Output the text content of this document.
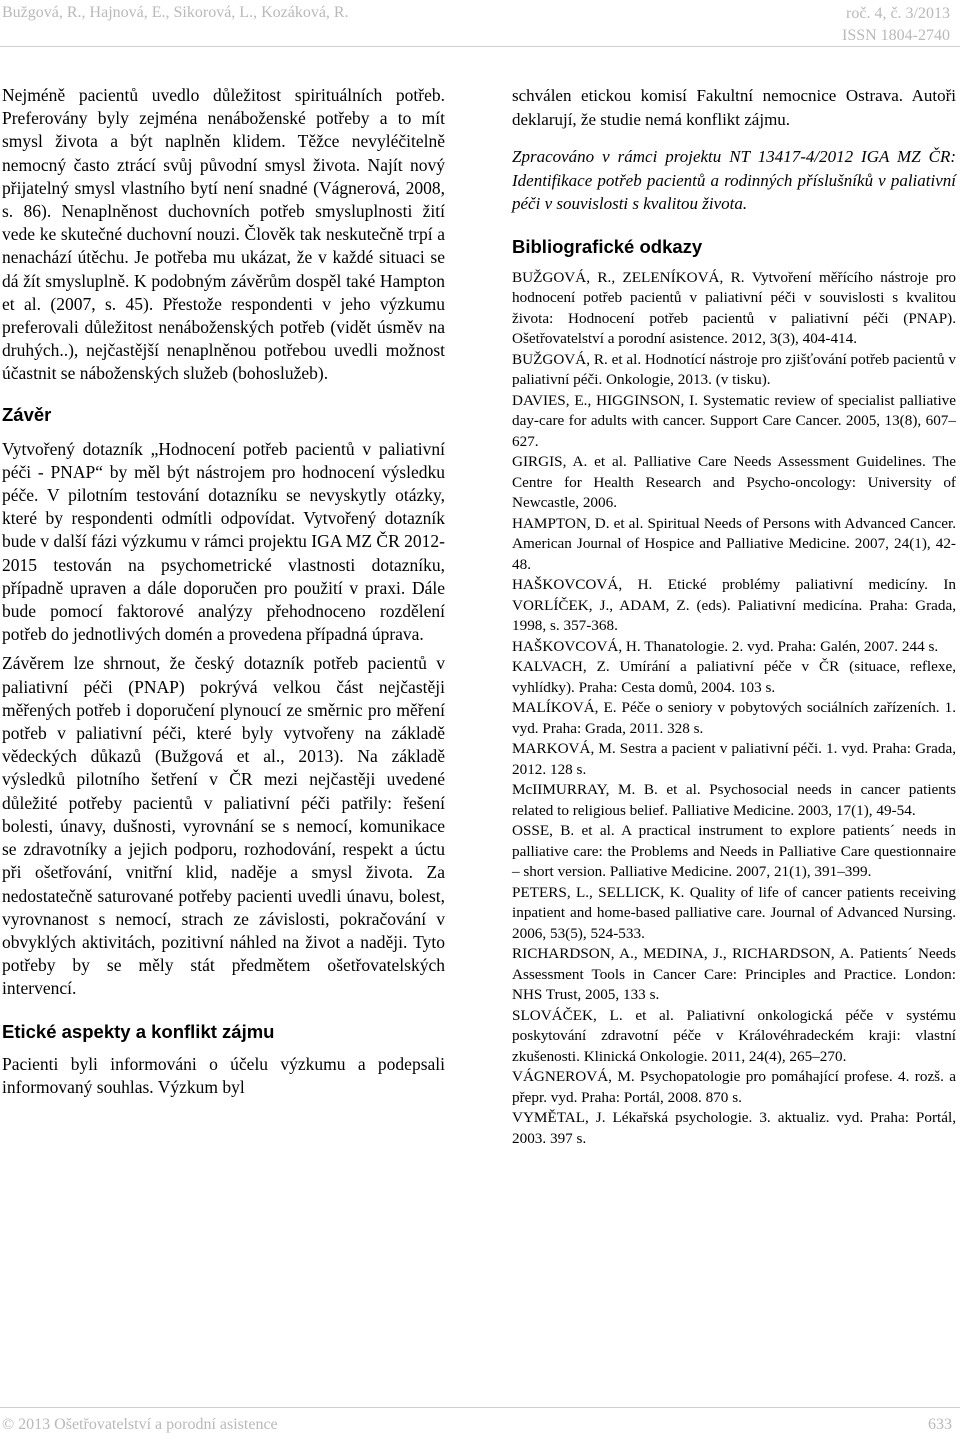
Bužgová, R., Hajnová, E., Sikorová, L., Kozáková, R.	roč. 4, č. 3/2013
ISSN 1804-2740

Nejméně pacientů uvedlo důležitost spirituálních potřeb. Preferovány byly zejména nenáboženské potřeby a to mít smysl života a být naplněn klidem. Těžce nevyléčitelně nemocný často ztrácí svůj původní smysl života. Najít nový přijatelný smysl vlastního bytí není snadné (Vágnerová, 2008, s. 86). Nenaplněnost duchovních potřeb smysluplnosti žití vede ke skutečné duchovní nouzi. Člověk tak neskutečně trpí a nenachází útěchu. Je potřeba mu ukázat, že v každé situaci se dá žít smysluplně. K podobným závěrům dospěl také Hampton et al. (2007, s. 45). Přestože respondenti v jeho výzkumu preferovali důležitost nenáboženských potřeb (vidět úsměv na druhých..), nejčastější nenaplněnou potřebou uvedli možnost účastnit se náboženských služeb (bohoslužeb).

Závěr

Vytvořený dotazník „Hodnocení potřeb pacientů v paliativní péči - PNAP“ by měl být nástrojem pro hodnocení výsledku péče. V pilotním testování dotazníku se nevyskytly otázky, které by respondenti odmítli odpovídat. Vytvořený dotazník bude v další fázi výzkumu v rámci projektu IGA MZ ČR 2012-2015 testován na psychometrické vlastnosti dotazníku, případně upraven a dále doporučen pro použití v praxi. Dále bude pomocí faktorové analýzy přehodnoceno rozdělení potřeb do jednotlivých domén a provedena případná úprava.

Závěrem lze shrnout, že český dotazník potřeb pacientů v paliativní péči (PNAP) pokrývá velkou část nejčastěji měřených potřeb i doporučení plynoucí ze směrnic pro měření potřeb v paliativní péči, které byly vytvořeny na základě vědeckých důkazů (Bužgová et al., 2013). Na základě výsledků pilotního šetření v ČR mezi nejčastěji uvedené důležité potřeby pacientů v paliativní péči patřily: řešení bolesti, únavy, dušnosti, vyrovnání se s nemocí, komunikace se zdravotníky a jejich podporu, rozhodování, respekt a úctu při ošetřování, vnitřní klid, naděje a smysl života. Za nedostatečně saturované potřeby pacienti uvedli únavu, bolest, vyrovnanost s nemocí, strach ze závislosti, pokračování v obvyklých aktivitách, pozitivní náhled na život a naději. Tyto potřeby by se měly stát předmětem ošetřovatelských intervencí.

Etické aspekty a konflikt zájmu

Pacienti byli informováni o účelu výzkumu a podepsali informovaný souhlas. Výzkum byl

schválen etickou komisí Fakultní nemocnice Ostrava. Autoři deklarují, že studie nemá konflikt zájmu.

Zpracováno v rámci projektu NT 13417-4/2012 IGA MZ ČR: Identifikace potřeb pacientů a rodinných příslušníků v paliativní péči v souvislosti s kvalitou života.

Bibliografické odkazy

BUŽGOVÁ, R., ZELENÍKOVÁ, R. Vytvoření měřícího nástroje pro hodnocení potřeb pacientů v paliativní péči v souvislosti s kvalitou života: Hodnocení potřeb pacientů v paliativní péči (PNAP). Ošetřovatelství a porodní asistence. 2012, 3(3), 404-414.

BUŽGOVÁ, R. et al. Hodnotící nástroje pro zjišťování potřeb pacientů v paliativní péči. Onkologie, 2013. (v tisku).

DAVIES, E., HIGGINSON, I. Systematic review of specialist palliative day-care for adults with cancer. Support Care Cancer. 2005, 13(8), 607–627.

GIRGIS, A. et al. Palliative Care Needs Assessment Guidelines. The Centre for Health Research and Psycho-oncology: University of Newcastle, 2006.

HAMPTON, D. et al. Spiritual Needs of Persons with Advanced Cancer. American Journal of Hospice and Palliative Medicine. 2007, 24(1), 42-48.

HAŠKOVCOVÁ, H. Etické problémy paliativní medicíny. In VORLÍČEK, J., ADAM, Z. (eds). Paliativní medicína. Praha: Grada, 1998, s. 357-368.

HAŠKOVCOVÁ, H. Thanatologie. 2. vyd. Praha: Galén, 2007. 244 s.

KALVACH, Z. Umírání a paliativní péče v ČR (situace, reflexe, vyhlídky). Praha: Cesta domů, 2004. 103 s.

MALÍKOVÁ, E. Péče o seniory v pobytových sociálních zařízeních. 1. vyd. Praha: Grada, 2011. 328 s.

MARKOVÁ, M. Sestra a pacient v paliativní péči. 1. vyd. Praha: Grada, 2012. 128 s.

McIIMURRAY, M. B. et al. Psychosocial needs in cancer patients related to religious belief. Palliative Medicine. 2003, 17(1), 49-54.

OSSE, B. et al. A practical instrument to explore patients´ needs in palliative care: the Problems and Needs in Palliative Care questionnaire – short version. Palliative Medicine. 2007, 21(1), 391–399.

PETERS, L., SELLICK, K. Quality of life of cancer patients receiving inpatient and home-based palliative care. Journal of Advanced Nursing. 2006, 53(5), 524-533.

RICHARDSON, A., MEDINA, J., RICHARDSON, A. Patients´ Needs Assessment Tools in Cancer Care: Principles and Practice. London: NHS Trust, 2005, 133 s.

SLOVÁČEK, L. et al. Paliativní onkologická péče v systému poskytování zdravotní péče v Královéhradeckém kraji: vlastní zkušenosti. Klinická Onkologie. 2011, 24(4), 265–270.

VÁGNEROVÁ, M. Psychopatologie pro pomáhající profese. 4. rozš. a přepr. vyd. Praha: Portál, 2008. 870 s.

VYMĚTAL, J. Lékařská psychologie. 3. aktualiz. vyd. Praha: Portál, 2003. 397 s.

© 2013 Ošetřovatelství a porodní asistence	633
